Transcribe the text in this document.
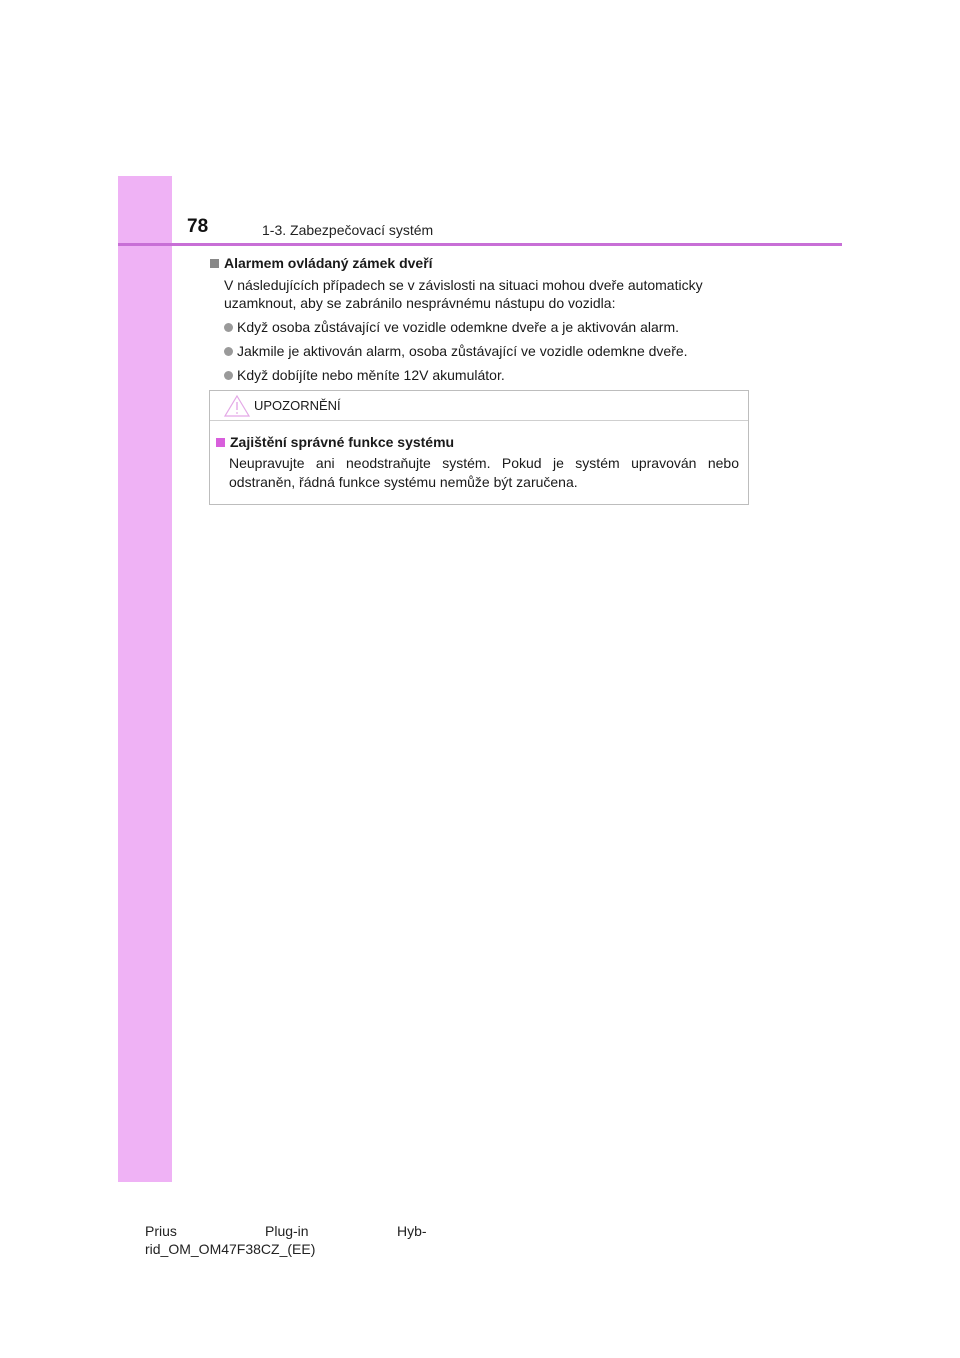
78	1-3. Zabezpečovací systém
Alarmem ovládaný zámek dveří
V následujících případech se v závislosti na situaci mohou dveře automaticky uzamknout, aby se zabránilo nesprávnému nástupu do vozidla:
Když osoba zůstávající ve vozidle odemkne dveře a je aktivován alarm.
Jakmile je aktivován alarm, osoba zůstávající ve vozidle odemkne dveře.
Když dobíjíte nebo měníte 12V akumulátor.
UPOZORNĚNÍ
Zajištění správné funkce systému
Neupravujte ani neodstraňujte systém. Pokud je systém upravován nebo odstraněn, řádná funkce systému nemůže být zaručena.
Prius	Plug-in	Hyb-
rid_OM_OM47F38CZ_(EE)
